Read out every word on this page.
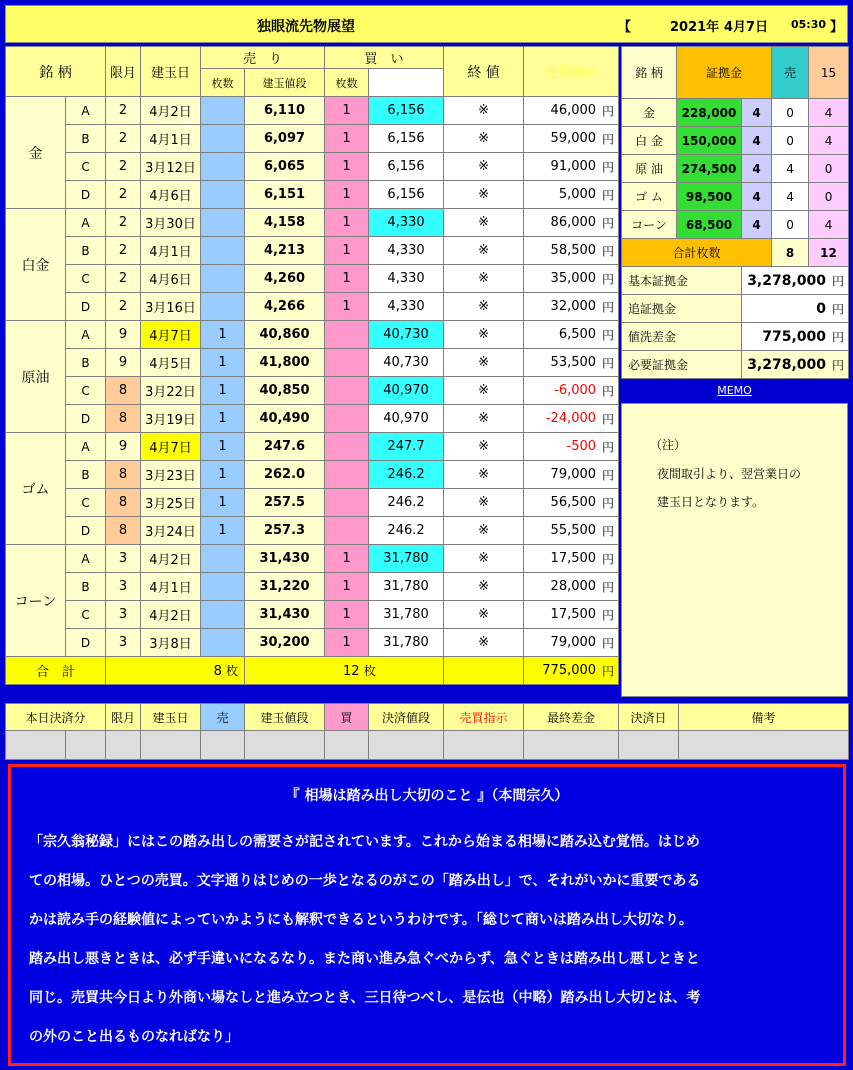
独眼流先物展望	【	2021年 4月7日 05:30 】
銘 柄		限月	建玉日	売　り		買　い		終 値	売買指示	
				枚数	建玉値段	枚数				
金	A	2	4月2日		6,110	1	6,156	※	46,000 円	

	B	2	4月1日		6,097	1	6,156	※	59,000 円	

	C	2	3月12日		6,065	1	6,156	※	91,000 円	

	D	2	4月6日		6,151	1	6,156	※	5,000 円	

白金	A	2	3月30日		4,158	1	4,330	※	86,000 円	

	B	2	4月1日		4,213	1	4,330	※	58,500 円	

	C	2	4月6日		4,260	1	4,330	※	35,000 円	

	D	2	3月16日		4,266	1	4,330	※	32,000 円	

原油	A	9	4月7日	1	40,860		40,730	※	6,500 円	

	B	9	4月5日	1	41,800		40,730	※	53,500 円	

	C	8	3月22日	1	40,850		40,970	※	-6,000 円	

	D	8	3月19日	1	40,490		40,970	※	-24,000 円	

ゴム	A	9	4月7日	1	247.6		247.7	※	-500 円	

	B	8	3月23日	1	262.0		246.2	※	79,000 円	

	C	8	3月25日	1	257.5		246.2	※	56,500 円	

	D	8	3月24日	1	257.3		246.2	※	55,500 円	

コーン	A	3	4月2日		31,430	1	31,780	※	17,500 円	

	B	3	4月1日		31,220	1	31,780	※	28,000 円	

	C	3	4月2日		31,430	1	31,780	※	17,500 円	

	D	3	3月8日		30,200	1	31,780	※	79,000 円	

合　計		8 枚			12 枚				775,000 円	
銘 柄	証拠金		売	15
金	228,000	4	0	4
白 金	150,000	4	0	4
原 油	274,500	4	4	0
ゴ ム	98,500	4	4	0
コーン	68,500	4	0	4
合計枚数			8	12
基本証拠金		3,278,000 円		

追証拠金		0 円		

値洗差金		775,000 円		

必要証拠金		3,278,000 円		
MEMO
（注）
夜間取引より、翌営業日の
建玉日となります。
本日決済分		限月	建玉日	売	建玉値段	買	決済値段	売買指示	最終差金	決済日	備考

『 相場は踏み出し大切のこと 』（本間宗久）
「宗久翁秘録」にはこの踏み出しの需要さが記されています。これから始まる相場に踏み込む覚悟。はじめ
ての相場。ひとつの売買。文字通りはじめの一歩となるのがこの「踏み出し」で、それがいかに重要である
かは読み手の経験値によっていかようにも解釈できるというわけです。「総じて商いは踏み出し大切なり。
踏み出し悪きときは、必ず手違いになるなり。また商い進み急ぐべからず、急ぐときは踏み出し悪しときと
同じ。売買共今日より外商い場なしと進み立つとき、三日待つべし、是伝也（中略）踏み出し大切とは、考
の外のこと出るものなればなり」
